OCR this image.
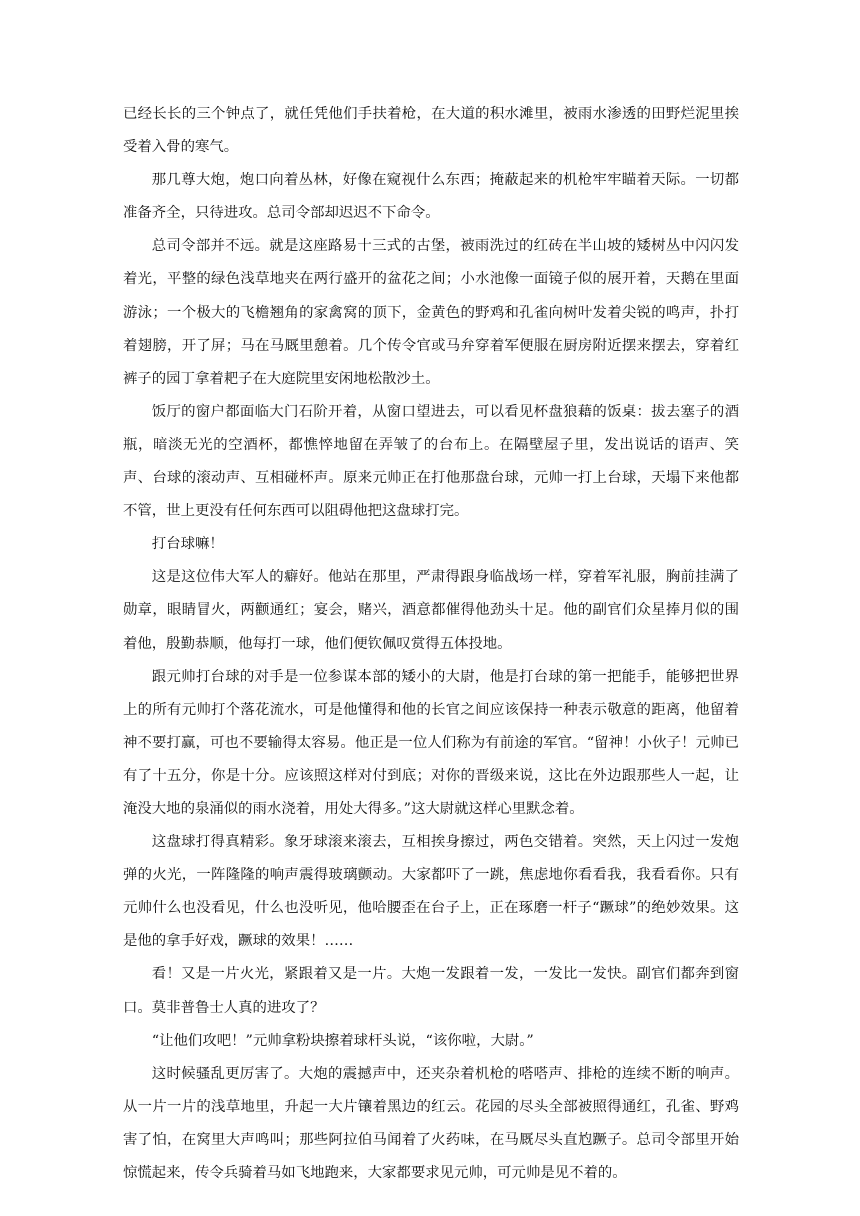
已经长长的三个钟点了，就任凭他们手扶着枪，在大道的积水滩里，被雨水渗透的田野烂泥里挨受着入骨的寒气。

那几尊大炮，炮口向着丛林，好像在窥视什么东西；掩蔽起来的机枪牢牢瞄着天际。一切都准备齐全，只待进攻。总司令部却迟迟不下命令。

总司令部并不远。就是这座路易十三式的古堡，被雨洗过的红砖在半山坡的矮树丛中闪闪发着光，平整的绿色浅草地夹在两行盛开的盆花之间；小水池像一面镜子似的展开着，天鹅在里面游泳；一个极大的飞檐翘角的家禽窝的顶下，金黄色的野鸡和孔雀向树叶发着尖锐的鸣声，扑打着翅膀，开了屏；马在马厩里憩着。几个传令官或马弁穿着军便服在厨房附近摆来摆去，穿着红裤子的园丁拿着耙子在大庭院里安闲地松散沙土。

饭厅的窗户都面临大门石阶开着，从窗口望进去，可以看见杯盘狼藉的饭桌：拔去塞子的酒瓶，暗淡无光的空酒杯，都憔悴地留在弄皱了的台布上。在隔壁屋子里，发出说话的语声、笑声、台球的滚动声、互相碰杯声。原来元帅正在打他那盘台球，元帅一打上台球，天塌下来他都不管，世上更没有任何东西可以阻碍他把这盘球打完。

打台球嘛！

这是这位伟大军人的癖好。他站在那里，严肃得跟身临战场一样，穿着军礼服，胸前挂满了勋章，眼睛冒火，两颧通红；宴会，赌兴，酒意都催得他劲头十足。他的副官们众星捧月似的围着他，殷勤恭顺，他每打一球，他们便钦佩叹赏得五体投地。

跟元帅打台球的对手是一位参谋本部的矮小的大尉，他是打台球的第一把能手，能够把世界上的所有元帅打个落花流水，可是他懂得和他的长官之间应该保持一种表示敬意的距离，他留着神不要打赢，可也不要输得太容易。他正是一位人们称为有前途的军官。“留神！小伙子！元帅已有了十五分，你是十分。应该照这样对付到底；对你的晋级来说，这比在外边跟那些人一起，让淹没大地的泉涌似的雨水浇着，用处大得多。”这大尉就这样心里默念着。

这盘球打得真精彩。象牙球滚来滚去，互相挨身擦过，两色交错着。突然，天上闪过一发炮弹的火光，一阵隆隆的响声震得玻璃颤动。大家都吓了一跳，焦虑地你看看我，我看看你。只有元帅什么也没看见，什么也没听见，他哈腰歪在台子上，正在琢磨一杆子“蹶球”的绝妙效果。这是他的拿手好戏，蹶球的效果！……

看！又是一片火光，紧跟着又是一片。大炮一发跟着一发，一发比一发快。副官们都奔到窗口。莫非普鲁士人真的进攻了？

“让他们攻吧！”元帅拿粉块擦着球杆头说，“该你啦，大尉。”

这时候骚乱更厉害了。大炮的震撼声中，还夹杂着机枪的嗒嗒声、排枪的连续不断的响声。从一片一片的浅草地里，升起一大片镶着黑边的红云。花园的尽头全部被照得通红，孔雀、野鸡害了怕，在窝里大声鸣叫；那些阿拉伯马闻着了火药味，在马厩尽头直尥蹶子。总司令部里开始惊慌起来，传令兵骑着马如飞地跑来，大家都要求见元帅，可元帅是见不着的。
